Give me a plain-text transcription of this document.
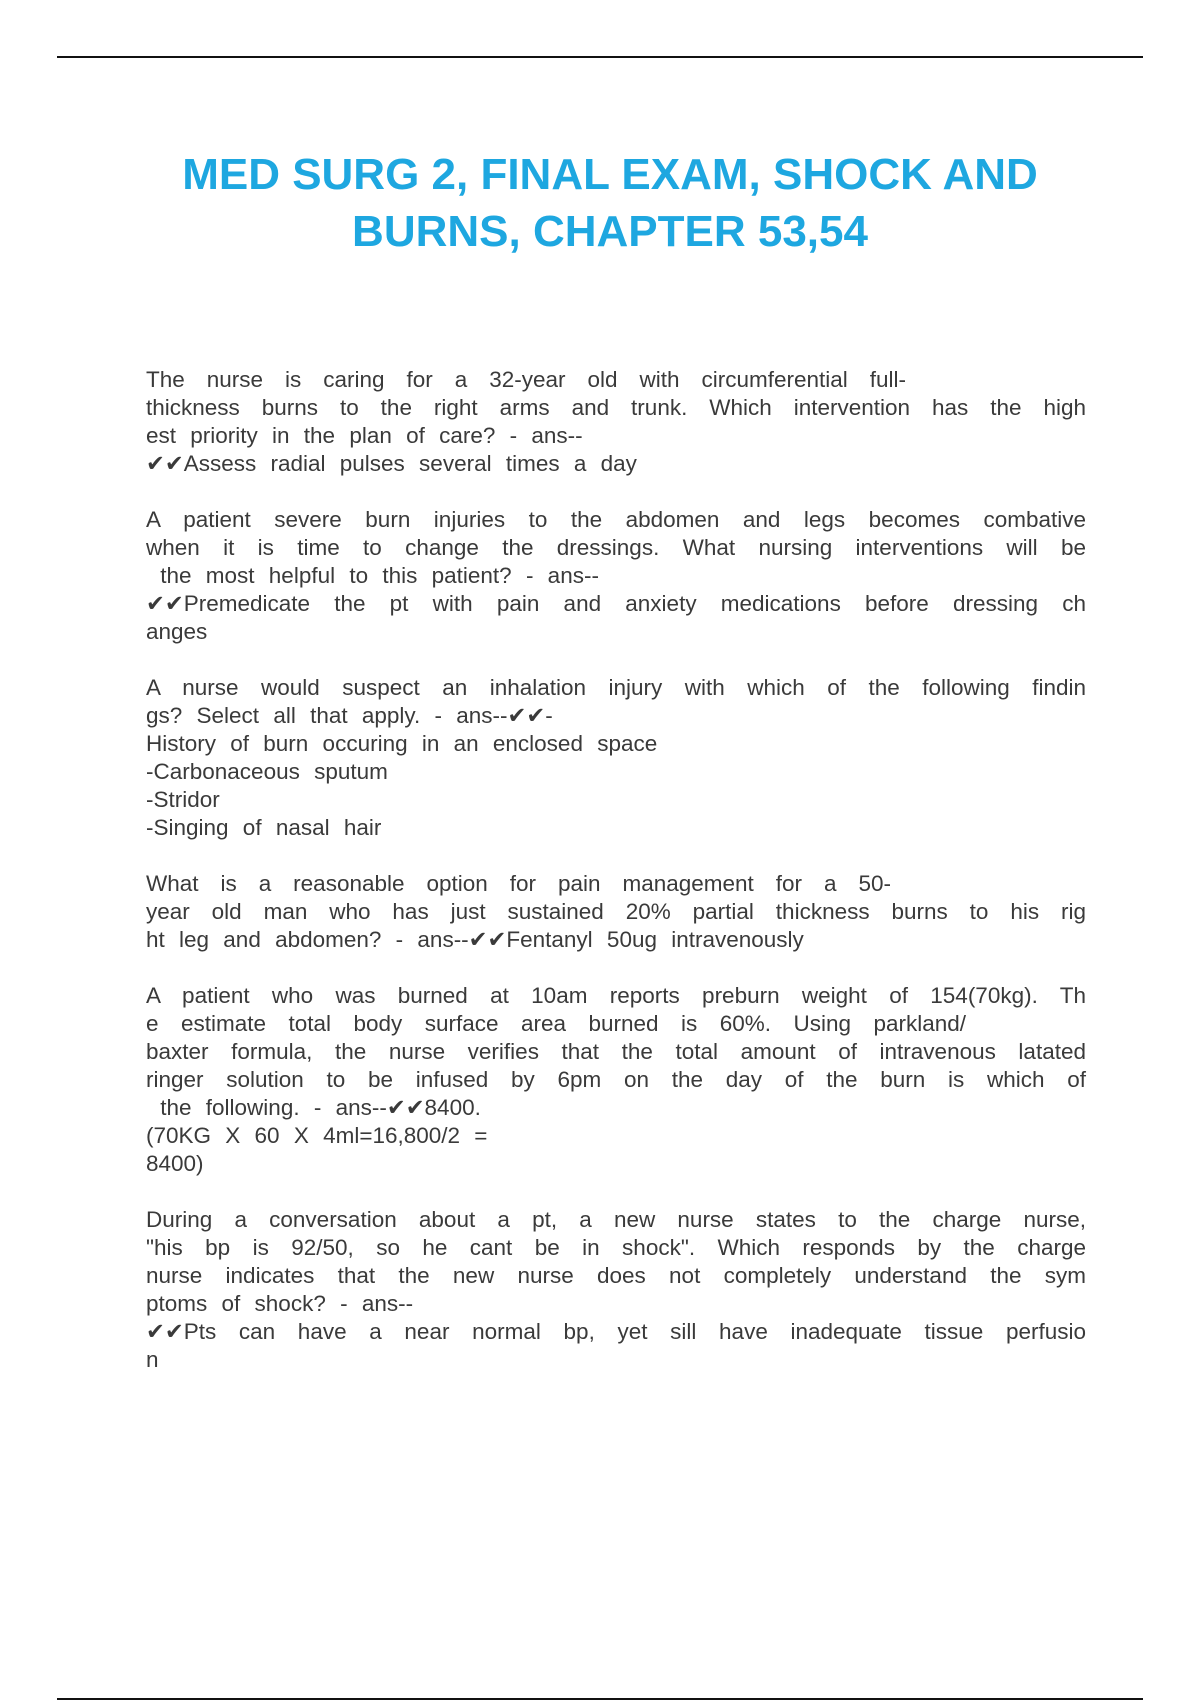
MED SURG 2, FINAL EXAM, SHOCK AND
BURNS, CHAPTER 53,54
The nurse is caring for a 32-year old with circumferential full-
thickness burns to the right arms and trunk. Which intervention has the high
est priority in the plan of care? - ans--
✔✔Assess radial pulses several times a day
A patient severe burn injuries to the abdomen and legs becomes combative
when it is time to change the dressings. What nursing interventions will be
the most helpful to this patient? - ans--
✔✔Premedicate the pt with pain and anxiety medications before dressing ch
anges
A nurse would suspect an inhalation injury with which of the following findin
gs? Select all that apply. - ans--✔✔-
History of burn occuring in an enclosed space
-Carbonaceous sputum
-Stridor
-Singing of nasal hair
What is a reasonable option for pain management for a 50-
year old man who has just sustained 20% partial thickness burns to his rig
ht leg and abdomen? - ans--✔✔Fentanyl 50ug intravenously
A patient who was burned at 10am reports preburn weight of 154(70kg). Th
e estimate total body surface area burned is 60%. Using parkland/
baxter formula, the nurse verifies that the total amount of intravenous latated
ringer solution to be infused by 6pm on the day of the burn is which of
the following. - ans--✔✔8400.
(70KG X 60 X 4ml=16,800/2 =
8400)
During a conversation about a pt, a new nurse states to the charge nurse,
"his bp is 92/50, so he cant be in shock". Which responds by the charge
nurse indicates that the new nurse does not completely understand the sym
ptoms of shock? - ans--
✔✔Pts can have a near normal bp, yet sill have inadequate tissue perfusio
n
